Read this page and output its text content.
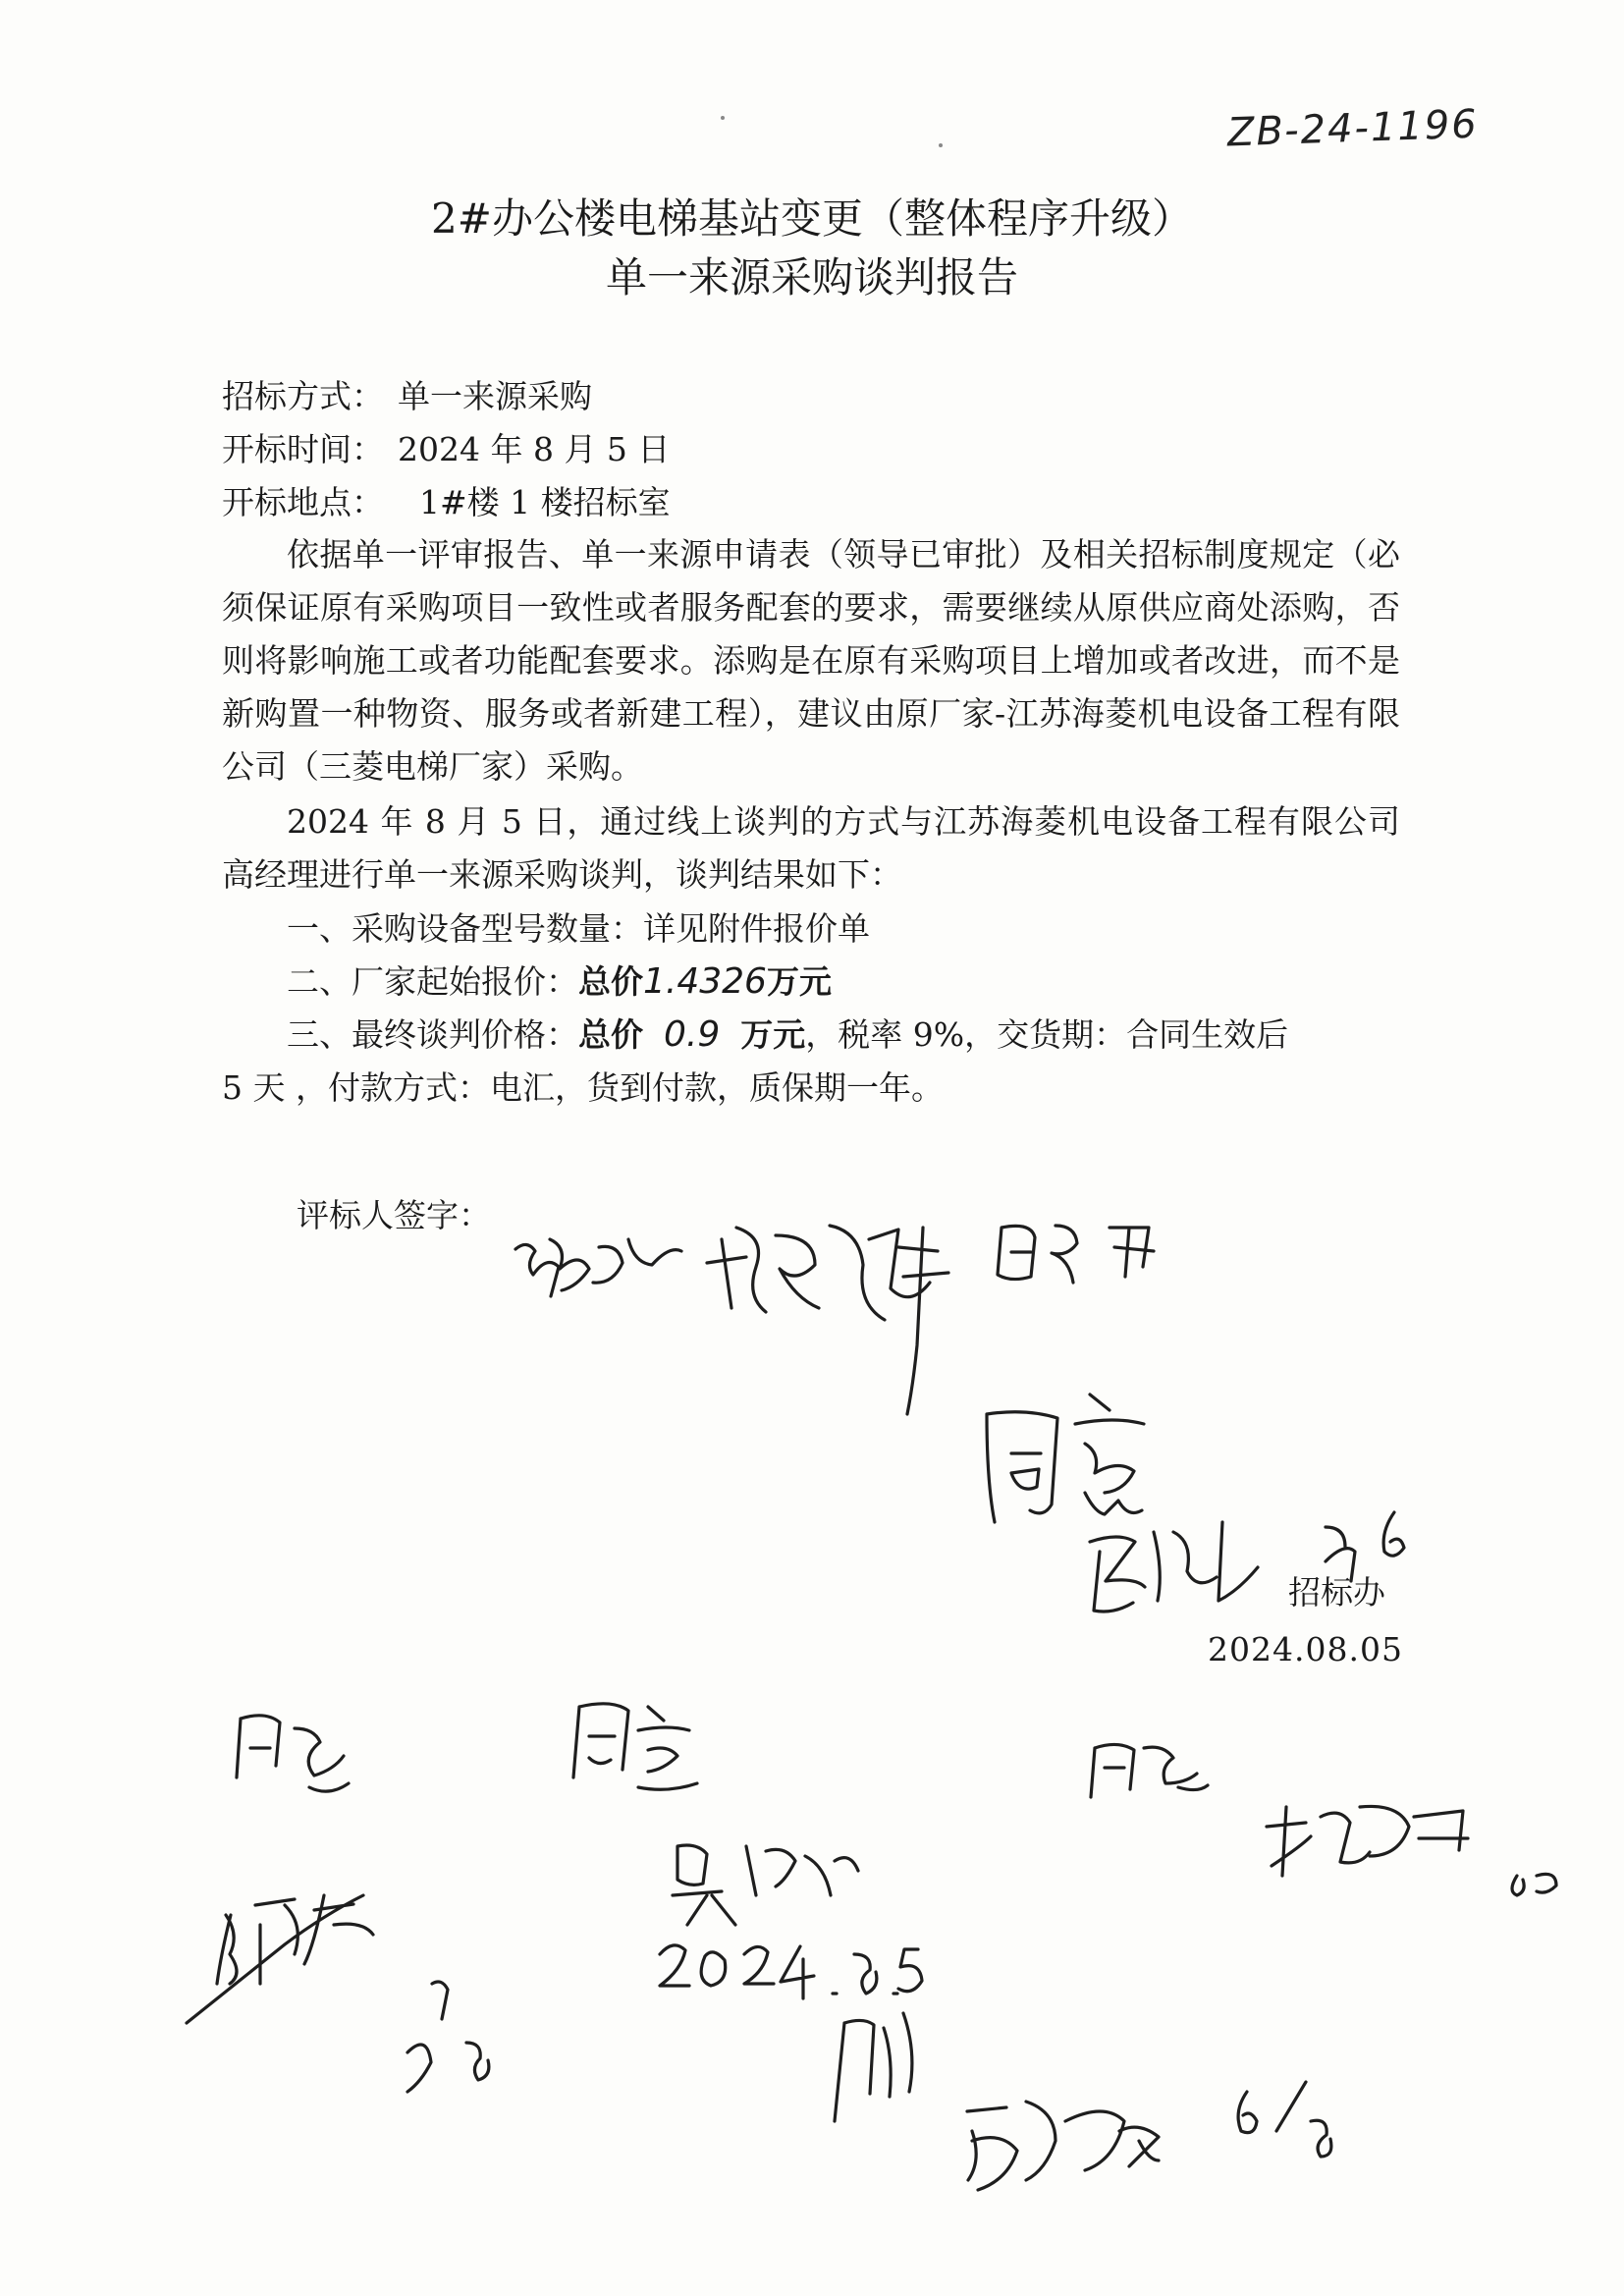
ZB-24-1196
2#办公楼电梯基站变更（整体程序升级）
单一来源采购谈判报告
招标方式： 单一来源采购
开标时间： 2024 年 8 月 5 日
开标地点： 1#楼 1 楼招标室
依据单一评审报告、单一来源申请表（领导已审批）及相关招标制度规定（必须保证原有采购项目一致性或者服务配套的要求，需要继续从原供应商处添购，否则将影响施工或者功能配套要求。添购是在原有采购项目上增加或者改进，而不是新购置一种物资、服务或者新建工程），建议由原厂家-江苏海菱机电设备工程有限公司（三菱电梯厂家）采购。
2024 年 8 月 5 日，通过线上谈判的方式与江苏海菱机电设备工程有限公司高经理进行单一来源采购谈判，谈判结果如下：
一、采购设备型号数量：详见附件报价单
二、厂家起始报价：总价1.4326万元
三、最终谈判价格：总价 0.9 万元，税率 9%，交货期：合同生效后
5 天 ，付款方式：电汇，货到付款，质保期一年。
评标人签字：
招标办
2024.08.05
